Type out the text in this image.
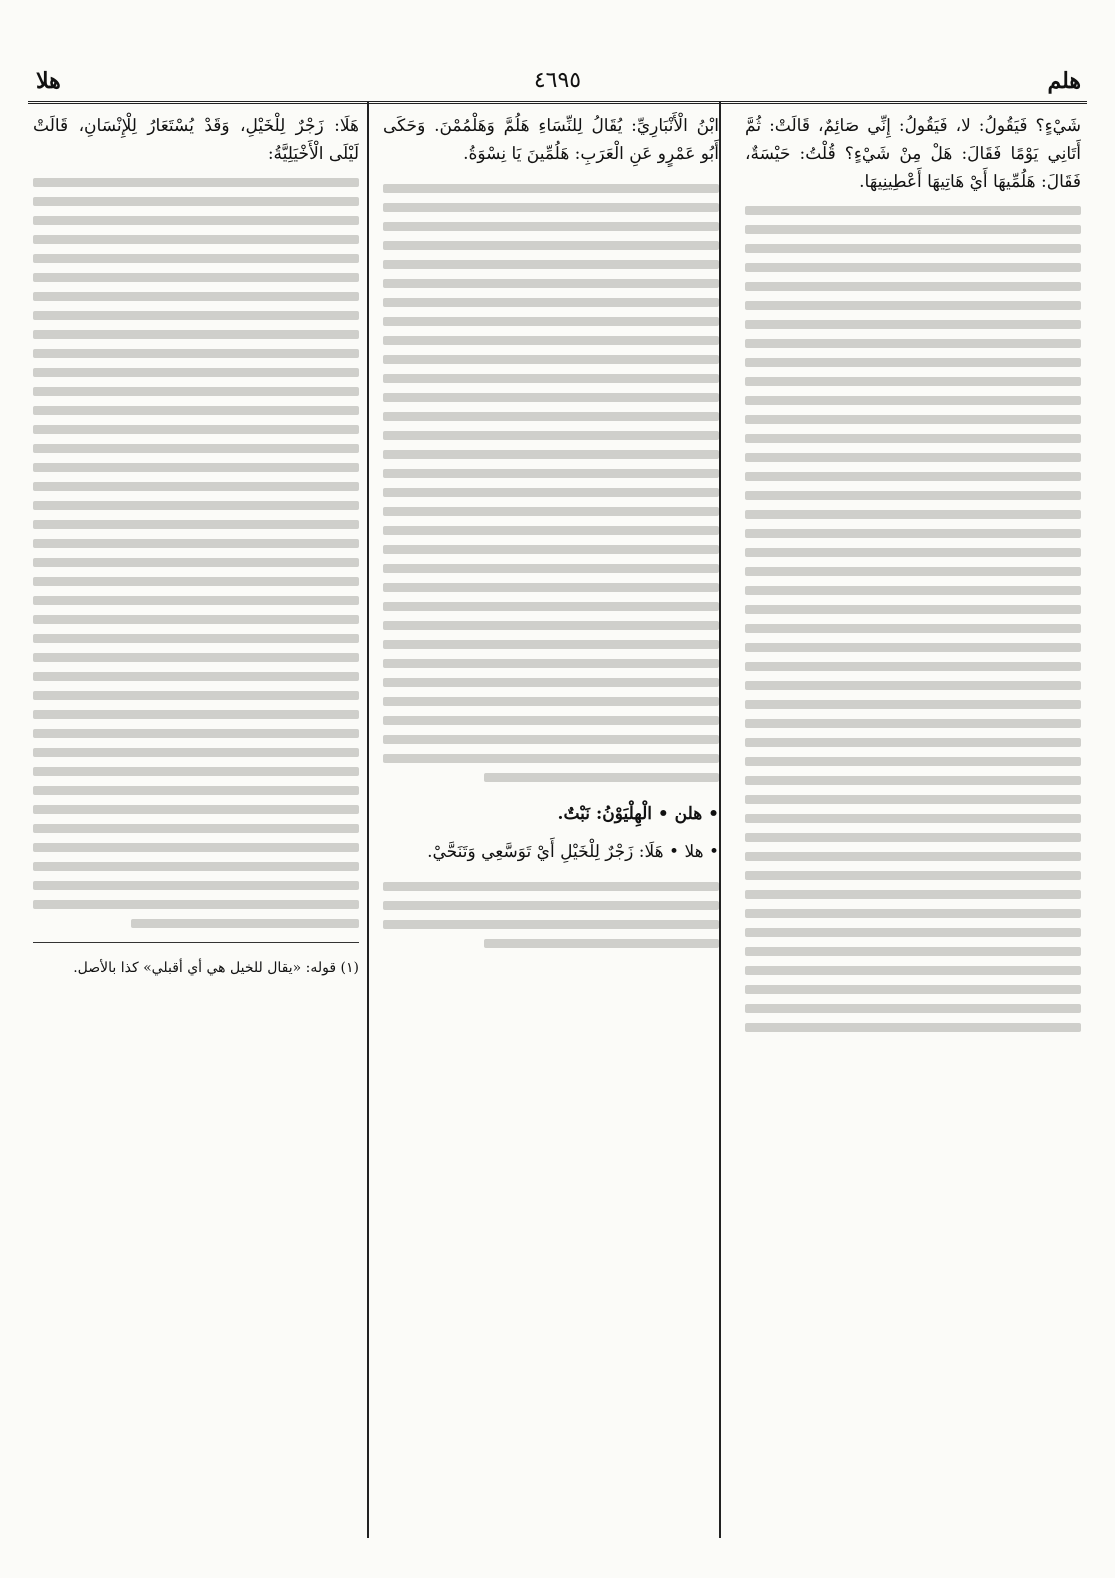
هلم
٤٦٩٥
هلا

شَيْءٍ؟ فَيَقُولُ: لا، فَيَقُولُ: إِنِّي صَائِمٌ، قَالَتْ: ثُمَّ أَتَانِي يَوْمًا فَقَالَ: هَلْ مِنْ شَيْءٍ؟ قُلْتُ: حَيْسَةٌ، فَقَالَ: هَلُمِّيهَا أَيْ هَاتِيهَا أَعْطِينِيهَا.

ابْنُ الْأَنْبَارِيِّ: يُقَالُ لِلنِّسَاءِ هَلُمَّ وَهَلْمُمْنَ. وَحَكَى أَبُو عَمْرٍو عَنِ الْعَرَبِ: هَلُمِّينَ يَا نِسْوَةُ.

• هلن • الْهِلْيَوْنُ: نَبْتٌ.

• هلا • هَلَا: زَجْرٌ لِلْخَيْلِ أَيْ تَوَسَّعِي وَتَنَحَّيْ.

هَلَا: زَجْرٌ لِلْخَيْلِ، وَقَدْ يُسْتَعَارُ لِلْإِنْسَانِ، قَالَتْ لَيْلَى الْأَخْيَلِيَّةُ:

(١) قوله: «يقال للخيل هي أي أقبلي» كذا بالأصل.
